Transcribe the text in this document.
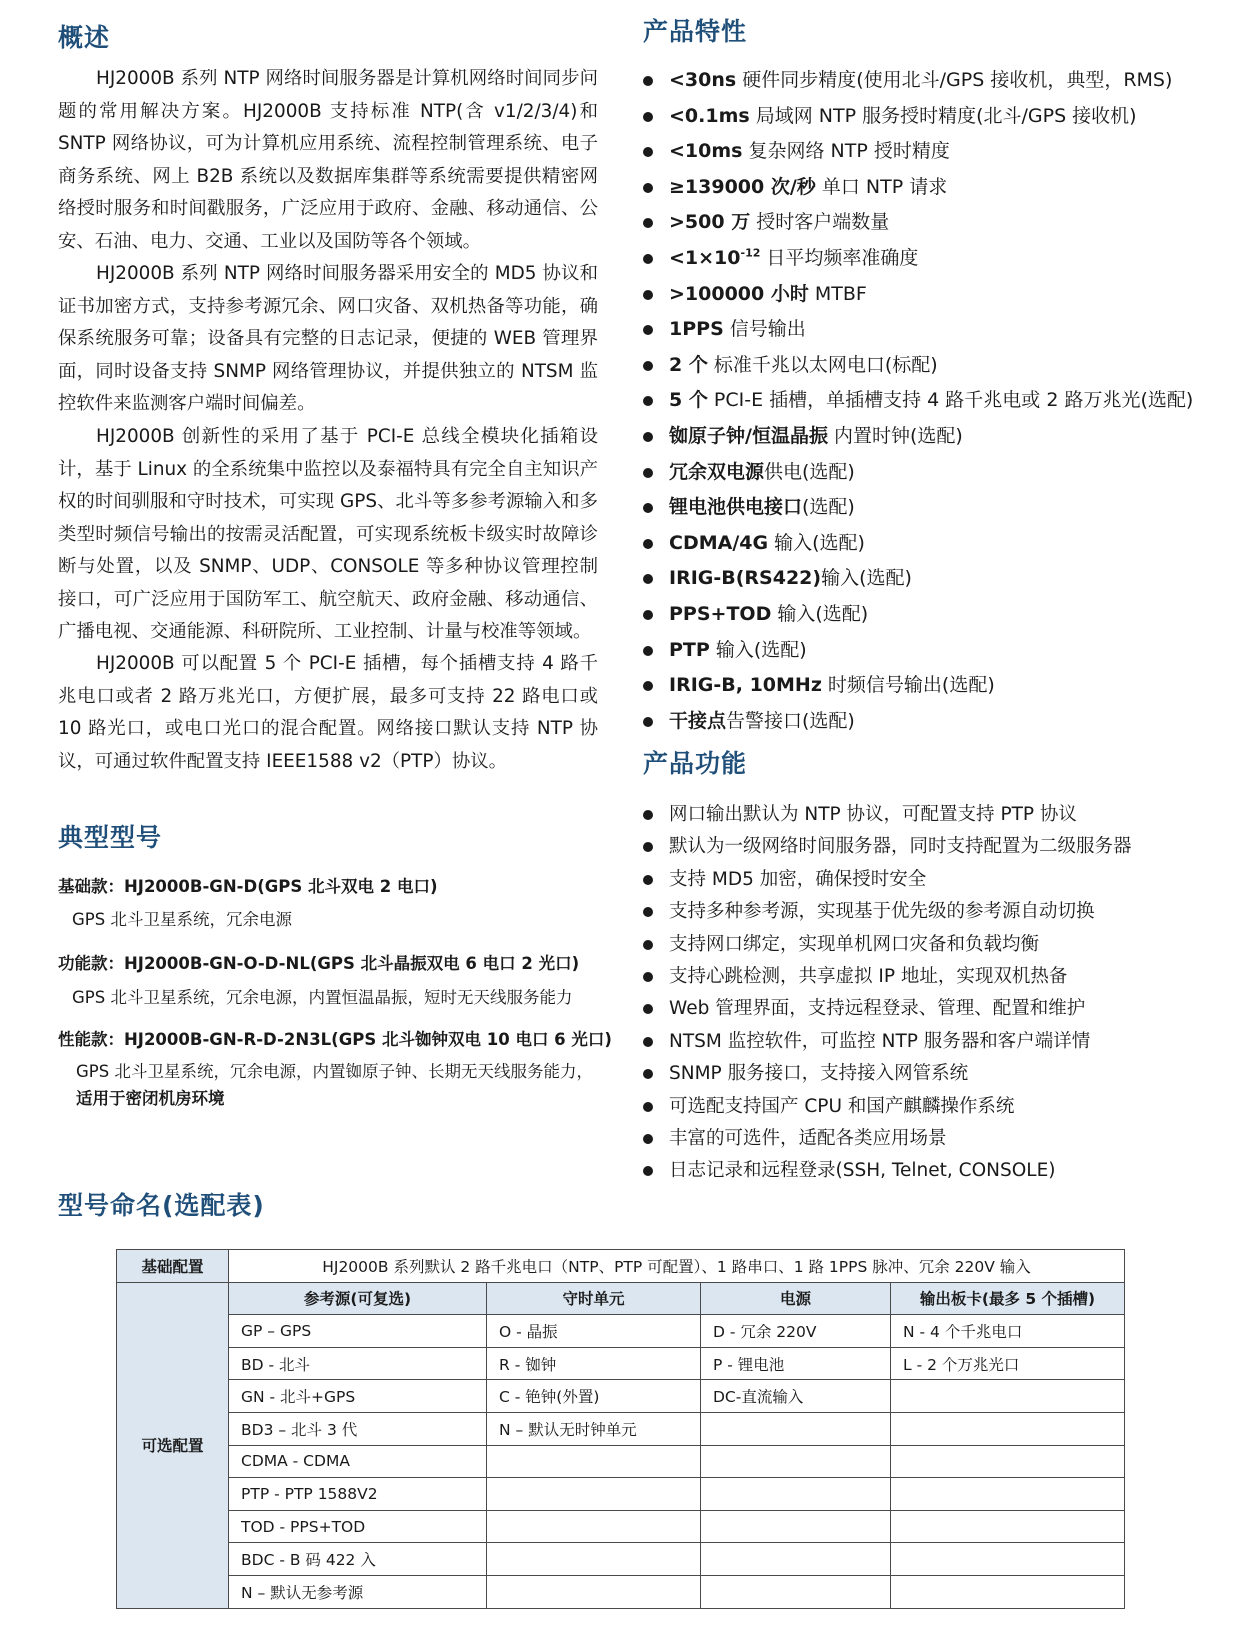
概述

HJ2000B 系列 NTP 网络时间服务器是计算机网络时间同步问题的常用解决方案。HJ2000B 支持标准 NTP(含 v1/2/3/4)和 SNTP 网络协议，可为计算机应用系统、流程控制管理系统、电子商务系统、网上 B2B 系统以及数据库集群等系统需要提供精密网络授时服务和时间戳服务，广泛应用于政府、金融、移动通信、公安、石油、电力、交通、工业以及国防等各个领域。

HJ2000B 系列 NTP 网络时间服务器采用安全的 MD5 协议和证书加密方式，支持参考源冗余、网口灾备、双机热备等功能，确保系统服务可靠；设备具有完整的日志记录，便捷的 WEB 管理界面，同时设备支持 SNMP 网络管理协议，并提供独立的 NTSM 监控软件来监测客户端时间偏差。

HJ2000B 创新性的采用了基于 PCI-E 总线全模块化插箱设计，基于 Linux 的全系统集中监控以及泰福特具有完全自主知识产权的时间驯服和守时技术，可实现 GPS、北斗等多参考源输入和多类型时频信号输出的按需灵活配置，可实现系统板卡级实时故障诊断与处置，以及 SNMP、UDP、CONSOLE 等多种协议管理控制接口，可广泛应用于国防军工、航空航天、政府金融、移动通信、广播电视、交通能源、科研院所、工业控制、计量与校准等领域。

HJ2000B 可以配置 5 个 PCI-E 插槽，每个插槽支持 4 路千兆电口或者 2 路万兆光口，方便扩展，最多可支持 22 路电口或 10 路光口，或电口光口的混合配置。网络接口默认支持 NTP 协议，可通过软件配置支持 IEEE1588 v2（PTP）协议。

典型型号

基础款：HJ2000B-GN-D(GPS 北斗双电 2 电口)

GPS 北斗卫星系统，冗余电源

功能款：HJ2000B-GN-O-D-NL(GPS 北斗晶振双电 6 电口 2 光口)

GPS 北斗卫星系统，冗余电源，内置恒温晶振，短时无天线服务能力

性能款：HJ2000B-GN-R-D-2N3L(GPS 北斗铷钟双电 10 电口 6 光口)

GPS 北斗卫星系统，冗余电源，内置铷原子钟、长期无天线服务能力，适用于密闭机房环境

产品特性
<30ns 硬件同步精度(使用北斗/GPS 接收机，典型，RMS)
<0.1ms 局域网 NTP 服务授时精度(北斗/GPS 接收机)
<10ms 复杂网络 NTP 授时精度
≥139000 次/秒 单口 NTP 请求
>500 万 授时客户端数量
$<1\times 10^{-12}$ 日平均频率准确度
>100000 小时 MTBF
1PPS 信号输出
2 个 标准千兆以太网电口(标配)
5 个 PCI-E 插槽，单插槽支持 4 路千兆电或 2 路万兆光(选配)
铷原子钟/恒温晶振 内置时钟(选配)
冗余双电源供电(选配)
锂电池供电接口(选配)
CDMA/4G 输入(选配)
IRIG-B(RS422)输入(选配)
PPS+TOD 输入(选配)
PTP 输入(选配)
IRIG-B, 10MHz 时频信号输出(选配)
干接点告警接口(选配)
产品功能
网口输出默认为 NTP 协议，可配置支持 PTP 协议
默认为一级网络时间服务器，同时支持配置为二级服务器
支持 MD5 加密，确保授时安全
支持多种参考源，实现基于优先级的参考源自动切换
支持网口绑定，实现单机网口灾备和负载均衡
支持心跳检测，共享虚拟 IP 地址，实现双机热备
Web 管理界面，支持远程登录、管理、配置和维护
NTSM 监控软件，可监控 NTP 服务器和客户端详情
SNMP 服务接口，支持接入网管系统
可选配支持国产 CPU 和国产麒麟操作系统
丰富的可选件，适配各类应用场景
日志记录和远程登录(SSH, Telnet, CONSOLE)
型号命名(选配表)
基础配置	HJ2000B 系列默认 2 路千兆电口（NTP、PTP 可配置）、1 路串口、1 路 1PPS 脉冲、冗余 220V 输入			
可选配置	参考源(可复选)	守时单元	电源	输出板卡(最多 5 个插槽)
	GP – GPS	O - 晶振	D - 冗余 220V	N - 4 个千兆电口
	BD - 北斗	R - 铷钟	P - 锂电池	L - 2 个万兆光口
	GN - 北斗+GPS	C - 铯钟(外置)	DC-直流输入	
	BD3 – 北斗 3 代	N – 默认无时钟单元		
	CDMA - CDMA			
	PTP - PTP 1588V2			
	TOD - PPS+TOD			
	BDC - B 码 422 入			
	N – 默认无参考源			
